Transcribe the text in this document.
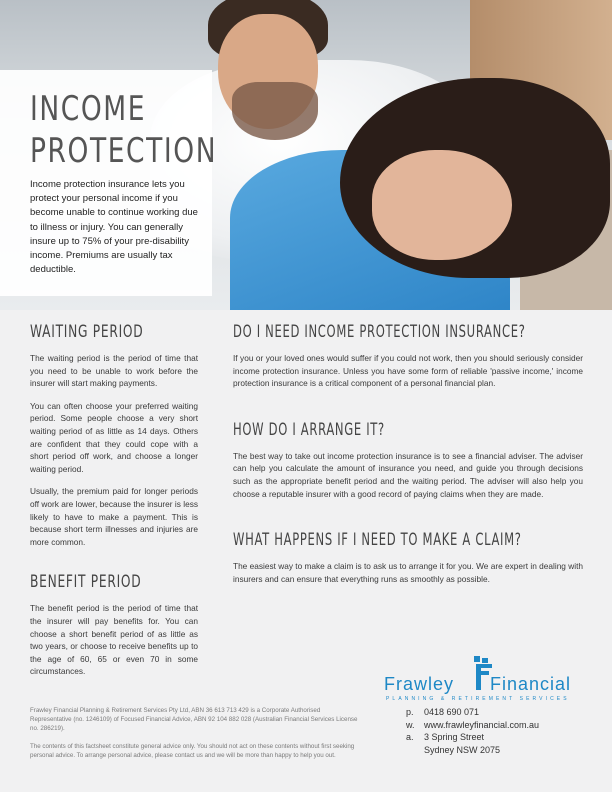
INCOME
PROTECTION

Income protection insurance lets you protect your personal income if you become unable to continue working due to illness or injury. You can generally insure up to 75% of your pre-disability income. Premiums are usually tax deductible.

WAITING PERIOD

The waiting period is the period of time that you need to be unable to work before the insurer will start making payments.

You can often choose your preferred waiting period. Some people choose a very short waiting period of as little as 14 days. Others are confident that they could cope with a short period off work, and choose a longer waiting period.

Usually, the premium paid for longer periods off work are lower, because the insurer is less likely to have to make a payment. This is because short term illnesses and injuries are more common.

BENEFIT PERIOD

The benefit period is the period of time that the insurer will pay benefits for. You can choose a short benefit period of as little as two years, or choose to receive benefits up to the age of 60, 65 or even 70 in some circumstances.

DO I NEED INCOME PROTECTION INSURANCE?

If you or your loved ones would suffer if you could not work, then you should seriously consider income protection insurance. Unless you have some form of reliable 'passive income,' income protection insurance is a critical component of a personal financial plan.

HOW DO I ARRANGE IT?

The best way to take out income protection insurance is to see a financial adviser. The adviser can help you calculate the amount of insurance you need, and guide you through decisions such as the appropriate benefit period and the waiting period. The adviser will also help you choose a reputable insurer with a good record of paying claims when they are made.

WHAT HAPPENS IF I NEED TO MAKE A CLAIM?

The easiest way to make a claim is to ask us to arrange it for you. We are expert in dealing with insurers and can ensure that everything runs as smoothly as possible.

Frawley Financial Planning & Retirement Services Pty Ltd, ABN 36 613 713 429 is a Corporate Authorised Representative (no. 1246109) of Focused Financial Advice, ABN 92 104 882 028 (Australian Financial Services License no. 286219).

The contents of this factsheet constitute general advice only. You should not act on these contents without first seeking personal advice. To arrange personal advice, please contact us and we will be more than happy to help you out.

Frawley Financial
PLANNING & RETIREMENT SERVICES
p.	0418 690 071
w.	www.frawleyfinancial.com.au
a.	3 Spring Street
Sydney NSW 2075
